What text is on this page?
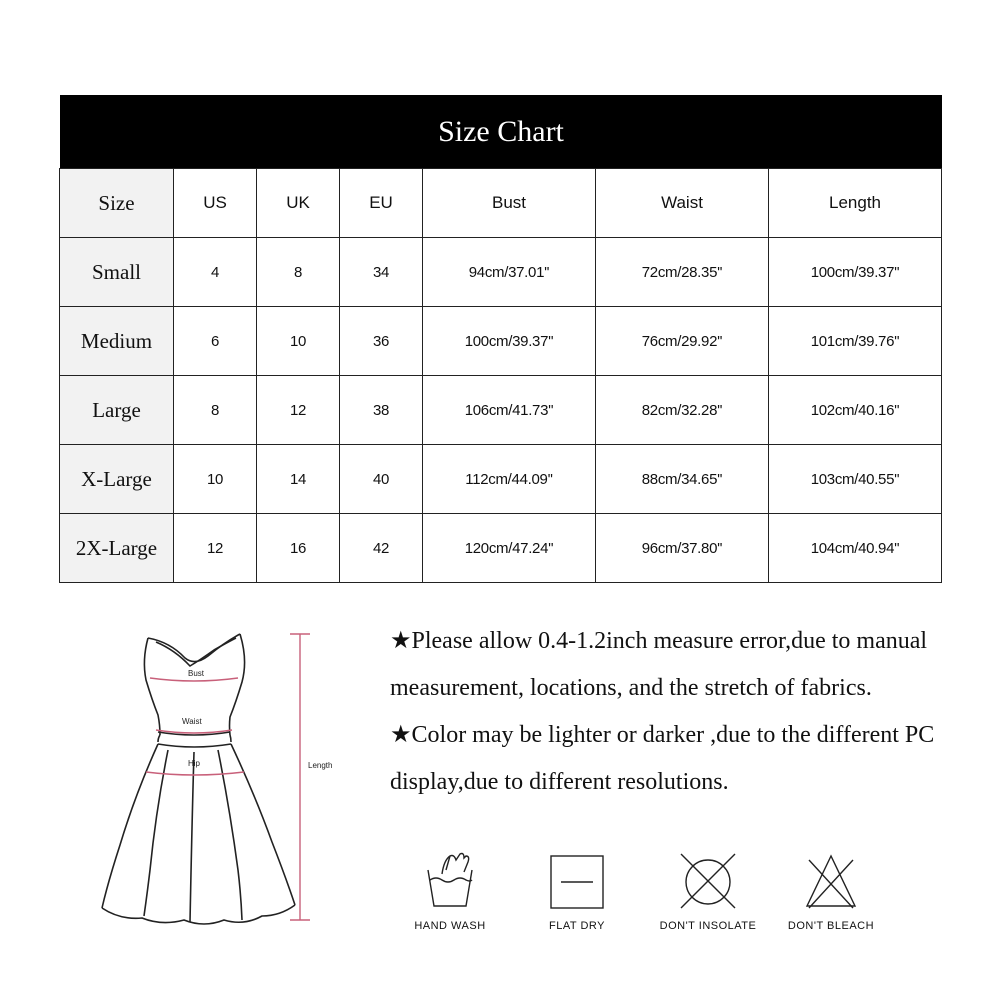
Size Chart
Size	US	UK	EU	Bust	Waist	Length
Small	4	8	34	94cm/37.01''	72cm/28.35''	100cm/39.37''
Medium	6	10	36	100cm/39.37''	76cm/29.92''	101cm/39.76''
Large	8	12	38	106cm/41.73''	82cm/32.28''	102cm/40.16''
X-Large	10	14	40	112cm/44.09''	88cm/34.65''	103cm/40.55''
2X-Large	12	16	42	120cm/47.24''	96cm/37.80''	104cm/40.94''
Bust
Waist
Hip	Length

★Please allow 0.4-1.2inch measure error,due to manual measurement, locations, and the stretch of fabrics.

★Color may be lighter or darker ,due to the different PC display,due to different resolutions.

HAND WASH	FLAT DRY	DON'T INSOLATE	DON'T BLEACH
